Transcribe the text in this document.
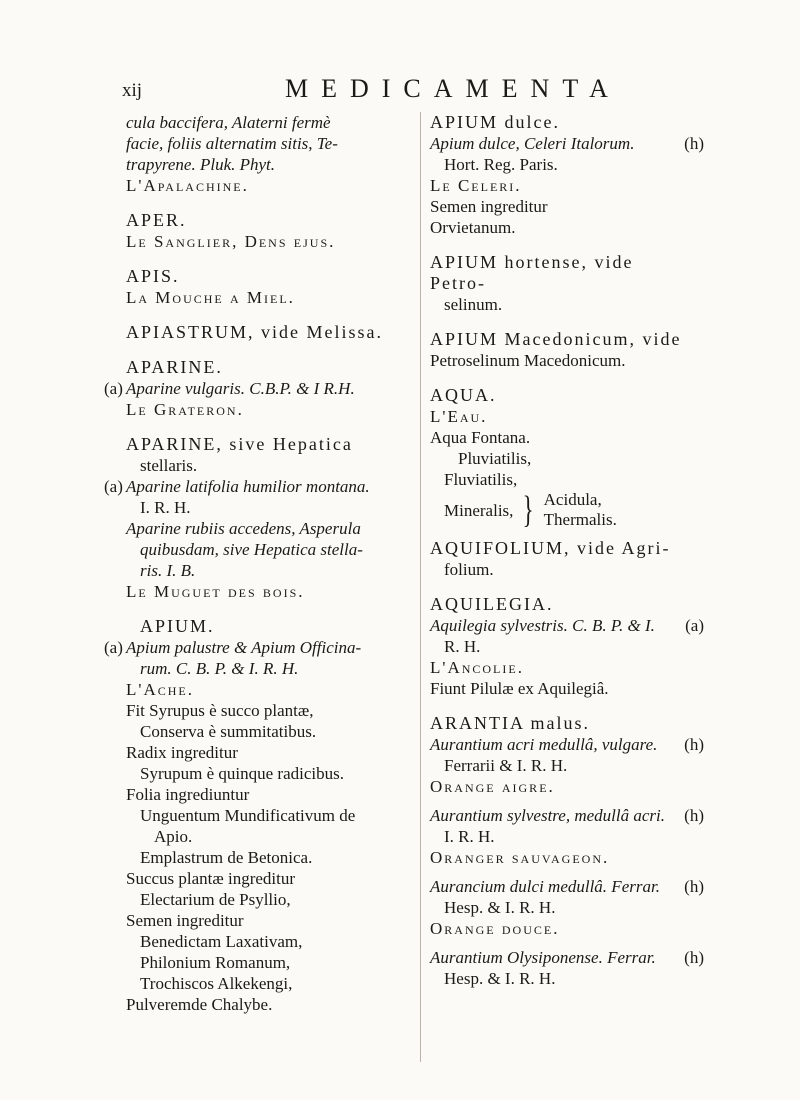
xij	MEDICAMENTA

cula baccifera, Alaterni fermè

facie, foliis alternatim sitis, Te-

trapyrene. Pluk. Phyt.

L'Apalachine.

APER.

Le Sanglier, Dens ejus.

APIS.

La Mouche a Miel.

APIASTRUM, vide Melissa.

APARINE.

(a) Aparine vulgaris. C.B.P. & I R.H.

Le Grateron.

APARINE, sive Hepatica

stellaris.

(a) Aparine latifolia humilior montana.

I. R. H.

Aparine rubiis accedens, Asperula

quibusdam, sive Hepatica stella-

ris. I. B.

Le Muguet des bois.

APIUM.

(a) Apium palustre & Apium Officina-

rum. C. B. P. & I. R. H.

L'Ache.

Fit Syrupus è succo plantæ,

Conserva è summitatibus.

Radix ingreditur

Syrupum è quinque radicibus.

Folia ingrediuntur

Unguentum Mundificativum de

Apio.

Emplastrum de Betonica.

Succus plantæ ingreditur

Electarium de Psyllio,

Semen ingreditur

Benedictam Laxativam,

Philonium Romanum,

Trochiscos Alkekengi,

Pulveremde Chalybe.

APIUM dulce.

Apium dulce, Celeri Italorum.	(h)

Hort. Reg. Paris.

Le Celeri.

Semen ingreditur

Orvietanum.

APIUM hortense, vide Petro-

selinum.

APIUM Macedonicum, vide

Petroselinum Macedonicum.

AQUA.

L'Eau.

Aqua Fontana.

Pluviatilis,

Fluviatilis,

Mineralis, } Acidula,

Thermalis.

AQUIFOLIUM, vide Agri-

folium.

AQUILEGIA.

Aquilegia sylvestris. C. B. P. & I.	(a)

R. H.

L'Ancolie.

Fiunt Pilulæ ex Aquilegiâ.

ARANTIA malus.

Aurantium acri medullâ, vulgare.	(h)

Ferrarii & I. R. H.

Orange aigre.

Aurantium sylvestre, medullâ acri.	(h)

I. R. H.

Oranger sauvageon.

Aurancium dulci medullâ. Ferrar.	(h)

Hesp. & I. R. H.

Orange douce.

Aurantium Olysiponense. Ferrar.	(h)

Hesp. & I. R. H.
